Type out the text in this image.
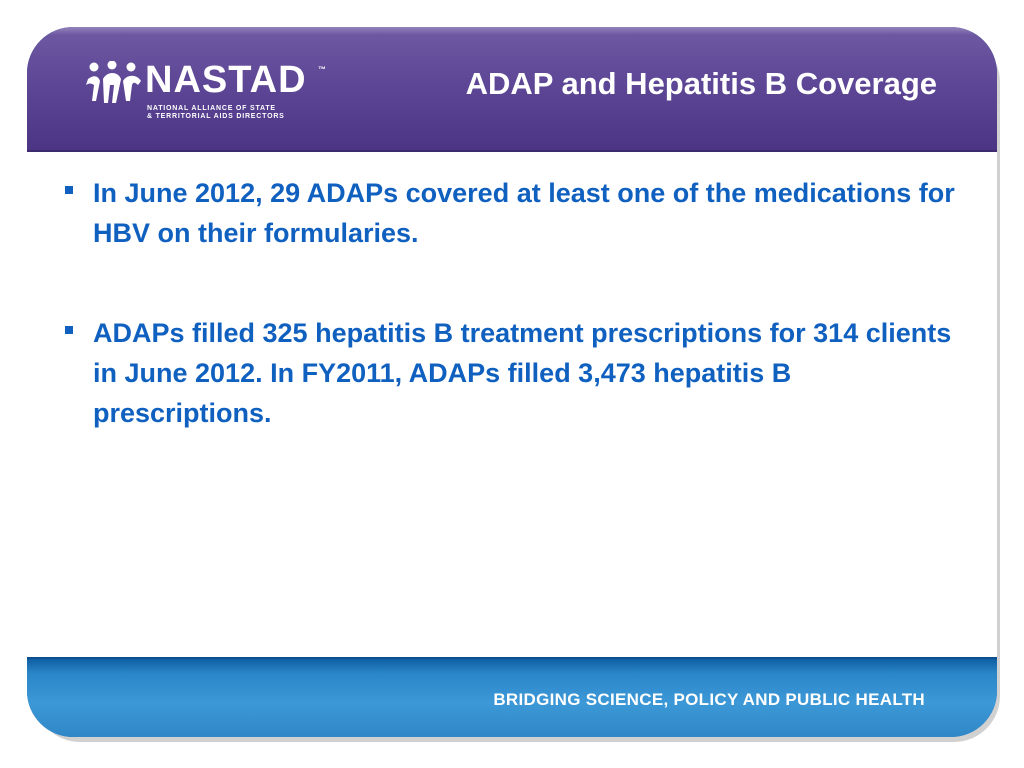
NASTAD ™
NATIONAL ALLIANCE OF STATE
& TERRITORIAL AIDS DIRECTORS
ADAP and Hepatitis B Coverage

In June 2012, 29 ADAPs covered at least one of the medications for HBV on their formularies.

ADAPs filled 325 hepatitis B treatment prescriptions for 314 clients in June 2012. In FY2011, ADAPs filled 3,473 hepatitis B prescriptions.

BRIDGING SCIENCE, POLICY AND PUBLIC HEALTH
